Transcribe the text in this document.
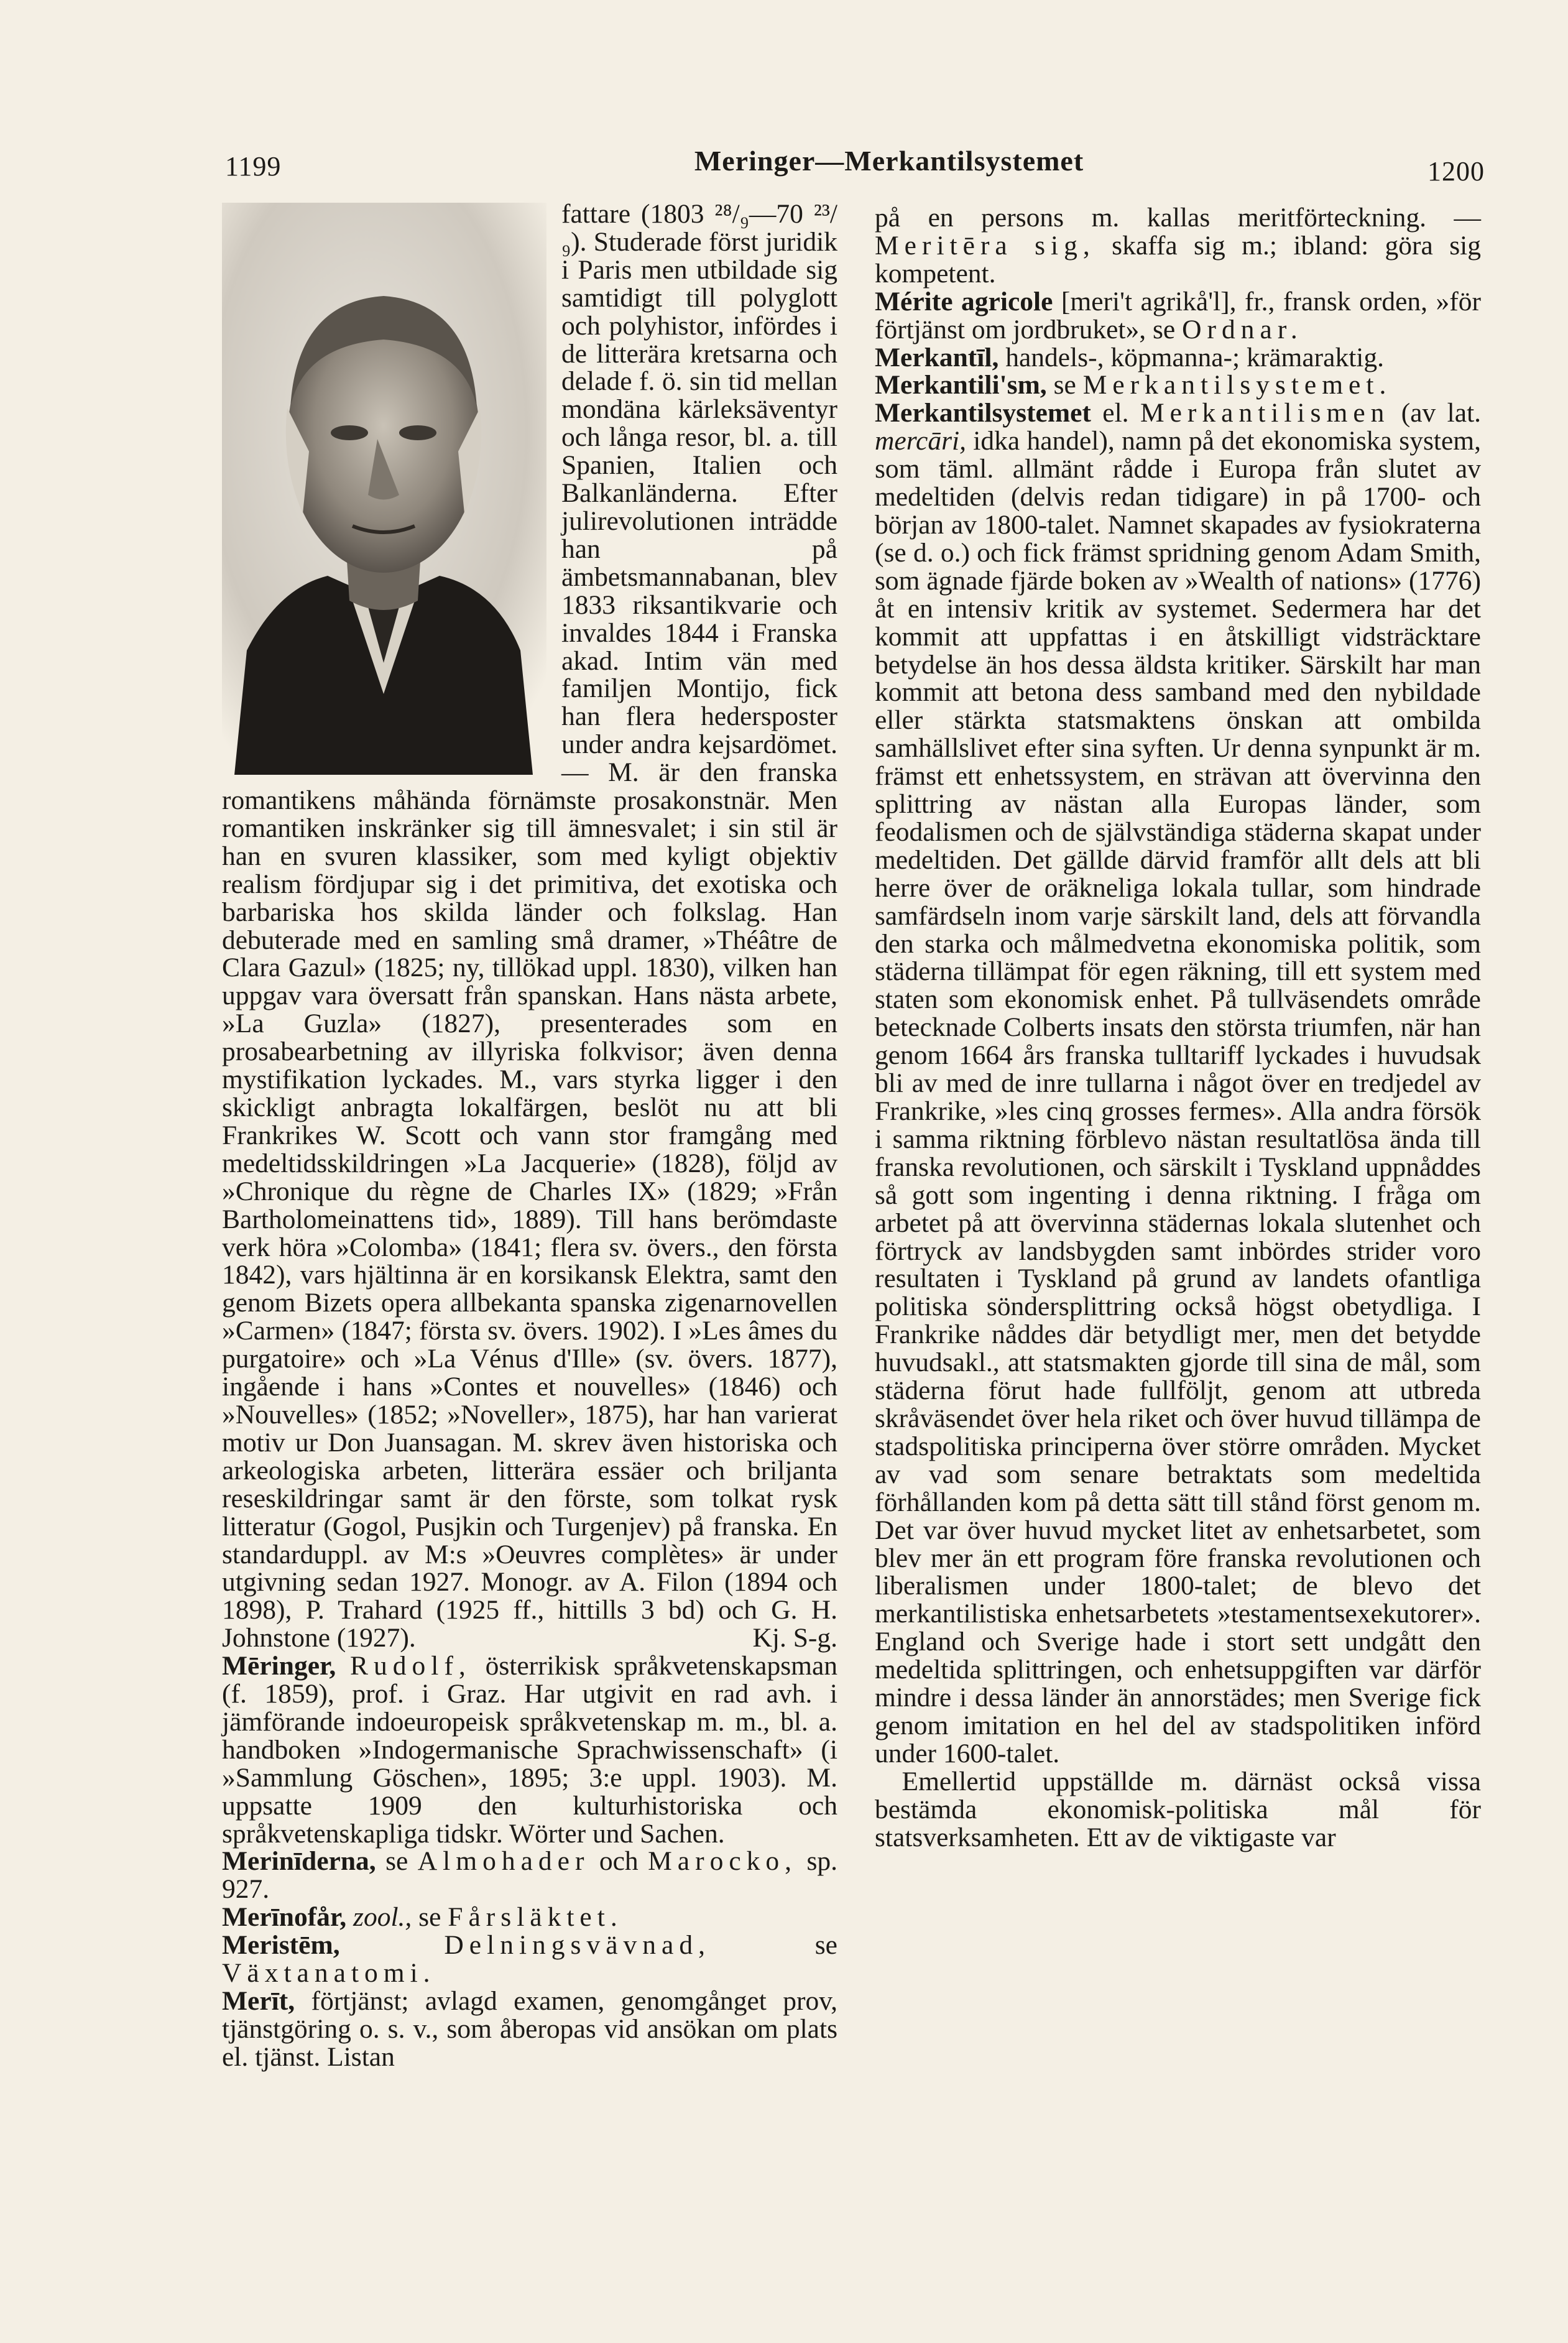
1199	Meringer—Merkantilsystemet	1200

fattare (1803 ²⁸/₉—70 ²³/₉). Studerade först juridik i Paris men utbildade sig samtidigt till polyglott och polyhistor, infördes i de litterära kretsarna och delade f. ö. sin tid mellan mondäna kärleksäventyr och långa resor, bl. a. till Spanien, Italien och Balkanländerna. Efter julirevolutionen inträdde han på ämbetsmannabanan, blev 1833 riksantikvarie och invaldes 1844 i Franska akad. Intim vän med familjen Montijo, fick han flera hedersposter under andra kejsardömet. — M. är den franska romantikens måhända förnämste prosakonstnär. Men romantiken inskränker sig till ämnesvalet; i sin stil är han en svuren klassiker, som med kyligt objektiv realism fördjupar sig i det primitiva, det exotiska och barbariska hos skilda länder och folkslag. Han debuterade med en samling små dramer, »Théâtre de Clara Gazul» (1825; ny, tillökad uppl. 1830), vilken han uppgav vara översatt från spanskan. Hans nästa arbete, »La Guzla» (1827), presenterades som en prosabearbetning av illyriska folkvisor; även denna mystifikation lyckades. M., vars styrka ligger i den skickligt anbragta lokalfärgen, beslöt nu att bli Frankrikes W. Scott och vann stor framgång med medeltidsskildringen »La Jacquerie» (1828), följd av »Chronique du règne de Charles IX» (1829; »Från Bartholomeinattens tid», 1889). Till hans berömdaste verk höra »Colomba» (1841; flera sv. övers., den första 1842), vars hjältinna är en korsikansk Elektra, samt den genom Bizets opera allbekanta spanska zigenarnovellen »Carmen» (1847; första sv. övers. 1902). I »Les âmes du purgatoire» och »La Vénus d'Ille» (sv. övers. 1877), ingående i hans »Contes et nouvelles» (1846) och »Nouvelles» (1852; »Noveller», 1875), har han varierat motiv ur Don Juansagan. M. skrev även historiska och arkeologiska arbeten, litterära essäer och briljanta reseskildringar samt är den förste, som tolkat rysk litteratur (Gogol, Pusjkin och Turgenjev) på franska. En standarduppl. av M:s »Oeuvres complètes» är under utgivning sedan 1927. Monogr. av A. Filon (1894 och 1898), P. Trahard (1925 ff., hittills 3 bd) och G. H. Johnstone (1927).	Kj. S-g.

Mēringer, Rudolf, österrikisk språkvetenskapsman (f. 1859), prof. i Graz. Har utgivit en rad avh. i jämförande indoeuropeisk språkvetenskap m. m., bl. a. handboken »Indogermanische Sprachwissenschaft» (i »Sammlung Göschen», 1895; 3:e uppl. 1903). M. uppsatte 1909 den kulturhistoriska och språkvetenskapliga tidskr. Wörter und Sachen.

Merinīderna, se Almohader och Marocko, sp. 927.

Merīnofår, zool., se Fårsläktet.

Meristēm,	Delningsvävnad,	se Växtanatomi.

Merīt, förtjänst; avlagd examen, genomgånget prov, tjänstgöring o. s. v., som åberopas vid ansökan om plats el. tjänst. Listan

på en persons m. kallas meritförteckning. — Meritēra sig, skaffa sig m.; ibland: göra sig kompetent.

Mérite agricole [meri't agrikå'l], fr., fransk orden, »för förtjänst om jordbruket», se Ordnar.

Merkantīl, handels-, köpmanna-; krämaraktig.

Merkantili'sm, se Merkantilsystemet.

Merkantilsystemet el. Merkantilismen (av lat. mercāri, idka handel), namn på det ekonomiska system, som täml. allmänt rådde i Europa från slutet av medeltiden (delvis redan tidigare) in på 1700- och början av 1800-talet. Namnet skapades av fysiokraterna (se d. o.) och fick främst spridning genom Adam Smith, som ägnade fjärde boken av »Wealth of nations» (1776) åt en intensiv kritik av systemet. Sedermera har det kommit att uppfattas i en åtskilligt vidsträcktare betydelse än hos dessa äldsta kritiker. Särskilt har man kommit att betona dess samband med den nybildade eller stärkta statsmaktens önskan att ombilda samhällslivet efter sina syften. Ur denna synpunkt är m. främst ett enhetssystem, en strävan att övervinna den splittring av nästan alla Europas länder, som feodalismen och de självständiga städerna skapat under medeltiden. Det gällde därvid framför allt dels att bli herre över de oräkneliga lokala tullar, som hindrade samfärdseln inom varje särskilt land, dels att förvandla den starka och målmedvetna ekonomiska politik, som städerna tillämpat för egen räkning, till ett system med staten som ekonomisk enhet. På tullväsendets område betecknade Colberts insats den största triumfen, när han genom 1664 års franska tulltariff lyckades i huvudsak bli av med de inre tullarna i något över en tredjedel av Frankrike, »les cinq grosses fermes». Alla andra försök i samma riktning förblevo nästan resultatlösa ända till franska revolutionen, och särskilt i Tyskland uppnåddes så gott som ingenting i denna riktning. I fråga om arbetet på att övervinna städernas lokala slutenhet och förtryck av landsbygden samt inbördes strider voro resultaten i Tyskland på grund av landets ofantliga politiska söndersplittring också högst obetydliga. I Frankrike nåddes där betydligt mer, men det betydde huvudsakl., att statsmakten gjorde till sina de mål, som städerna förut hade fullföljt, genom att utbreda skråväsendet över hela riket och över huvud tillämpa de stadspolitiska principerna över större områden. Mycket av vad som senare betraktats som medeltida förhållanden kom på detta sätt till stånd först genom m. Det var över huvud mycket litet av enhetsarbetet, som blev mer än ett program före franska revolutionen och liberalismen under 1800-talet; de blevo det merkantilistiska enhetsarbetets »testamentsexekutorer». England och Sverige hade i stort sett undgått den medeltida splittringen, och enhetsuppgiften var därför mindre i dessa länder än annorstädes; men Sverige fick genom imitation en hel del av stadspolitiken införd under 1600-talet.

Emellertid uppställde m. därnäst också vissa bestämda ekonomisk-politiska mål för statsverksamheten. Ett av de viktigaste var
